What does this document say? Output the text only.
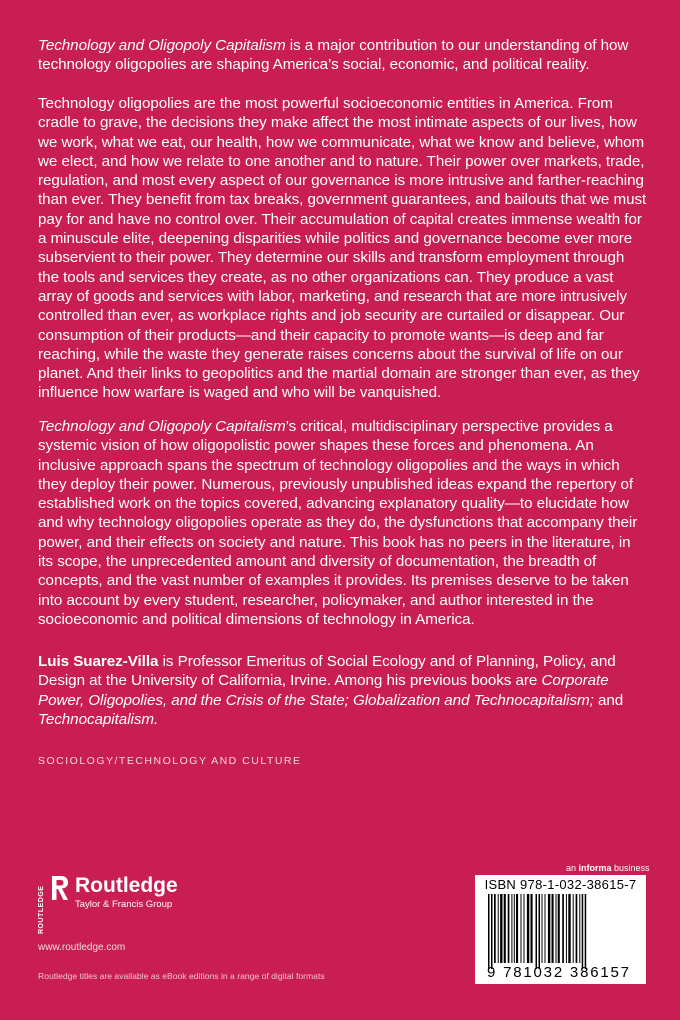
Technology and Oligopoly Capitalism is a major contribution to our understanding of how technology oligopolies are shaping America’s social, economic, and political reality.

Technology oligopolies are the most powerful socioeconomic entities in America. From cradle to grave, the decisions they make affect the most intimate aspects of our lives, how we work, what we eat, our health, how we communicate, what we know and believe, whom we elect, and how we relate to one another and to nature. Their power over markets, trade, regulation, and most every aspect of our governance is more intrusive and farther-reaching than ever. They benefit from tax breaks, government guarantees, and bailouts that we must pay for and have no control over. Their accumulation of capital creates immense wealth for a minuscule elite, deepening disparities while politics and governance become ever more subservient to their power. They determine our skills and transform employment through the tools and services they create, as no other organizations can. They produce a vast array of goods and services with labor, marketing, and research that are more intrusively controlled than ever, as workplace rights and job security are curtailed or disappear. Our consumption of their products—and their capacity to promote wants—is deep and far reaching, while the waste they generate raises concerns about the survival of life on our planet. And their links to geopolitics and the martial domain are stronger than ever, as they influence how warfare is waged and who will be vanquished.

Technology and Oligopoly Capitalism’s critical, multidisciplinary perspective provides a systemic vision of how oligopolistic power shapes these forces and phenomena. An inclusive approach spans the spectrum of technology oligopolies and the ways in which they deploy their power. Numerous, previously unpublished ideas expand the repertory of established work on the topics covered, advancing explanatory quality—to elucidate how and why technology oligopolies operate as they do, the dysfunctions that accompany their power, and their effects on society and nature. This book has no peers in the literature, in its scope, the unprecedented amount and diversity of documentation, the breadth of concepts, and the vast number of examples it provides. Its premises deserve to be taken into account by every student, researcher, policymaker, and author interested in the socioeconomic and political dimensions of technology in America.

Luis Suarez-Villa is Professor Emeritus of Social Ecology and of Planning, Policy, and Design at the University of California, Irvine. Among his previous books are Corporate Power, Oligopolies, and the Crisis of the State; Globalization and Technocapitalism; and Technocapitalism.

SOCIOLOGY/TECHNOLOGY AND CULTURE
ROUTLEDGE
Routledge
Taylor & Francis Group
www.routledge.com
Routledge titles are available as eBook editions in a range of digital formats
an informa business
ISBN 978-1-032-38615-7
9 781032 386157
